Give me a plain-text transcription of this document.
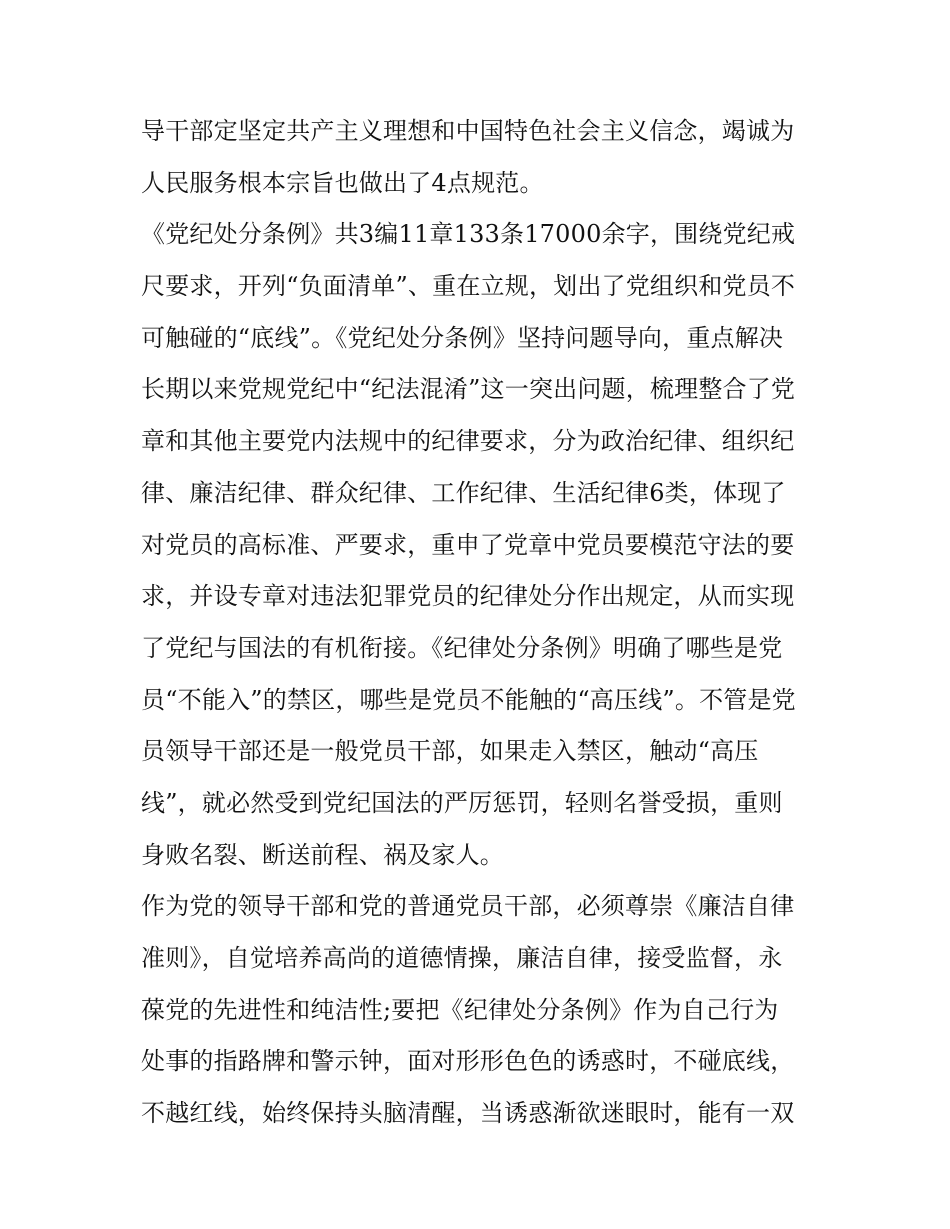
导干部定坚定共产主义理想和中国特色社会主义信念，竭诚为
人民服务根本宗旨也做出了4点规范。
《党纪处分条例》共3编11章133条17000余字，围绕党纪戒
尺要求，开列“负面清单”、重在立规，划出了党组织和党员不
可触碰的“底线”。《党纪处分条例》坚持问题导向，重点解决
长期以来党规党纪中“纪法混淆”这一突出问题，梳理整合了党
章和其他主要党内法规中的纪律要求，分为政治纪律、组织纪
律、廉洁纪律、群众纪律、工作纪律、生活纪律6类，体现了
对党员的高标准、严要求，重申了党章中党员要模范守法的要
求，并设专章对违法犯罪党员的纪律处分作出规定，从而实现
了党纪与国法的有机衔接。《纪律处分条例》明确了哪些是党
员“不能入”的禁区，哪些是党员不能触的“高压线”。不管是党
员领导干部还是一般党员干部，如果走入禁区，触动“高压
线”，就必然受到党纪国法的严厉惩罚，轻则名誉受损，重则
身败名裂、断送前程、祸及家人。
作为党的领导干部和党的普通党员干部，必须尊崇《廉洁自律
准则》，自觉培养高尚的道德情操，廉洁自律，接受监督，永
葆党的先进性和纯洁性;要把《纪律处分条例》作为自己行为
处事的指路牌和警示钟，面对形形色色的诱惑时，不碰底线，
不越红线，始终保持头脑清醒，当诱惑渐欲迷眼时，能有一双
